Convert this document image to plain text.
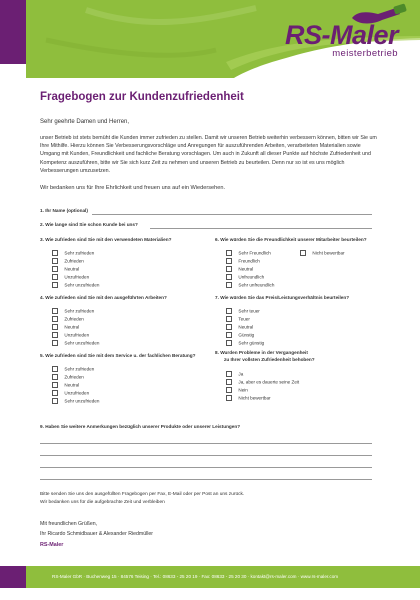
RS-Maler
meisterbetrieb
Fragebogen zur Kundenzufriedenheit
Sehr geehrte Damen und Herren,
unser Betrieb ist stets bemüht die Kunden immer zufrieden zu stellen. Damit wir unseren Betrieb weiterhin verbessern können, bitten wir Sie um Ihre Mithilfe. Hierzu können Sie Verbesserungsvorschläge und Anregungen für auszuführenden Arbeiten, verarbeiteten Materialien sowie Umgang mit Kunden, Freundlichkeit und fachliche Beratung vorschlagen. Um auch in Zukunft all dieser Punkte auf höchste Zufriedenheit und Kompetenz auszuführen, bitte wir Sie sich kurz Zeit zu nehmen und unseren Betrieb zu beurteilen. Denn nur so ist es uns möglich Verbesserungen umzusetzen.
Wir bedanken uns für Ihre Ehrlichkeit und freuen uns auf ein Wiedersehen.
1. Ihr Name (optional)
2. Wie lange sind Sie schon Kunde bei uns?
3. Wie zufrieden sind Sie mit den verwendeten Materialien?
Sehr zufrieden
Zufrieden
Neutral
Unzufrieden
Sehr unzufrieden
6. Wie würden Sie die Freundlichkeit unserer Mitarbeiter beurteilen?
Sehr Freundlich	Nicht bewertbar
Freundlich
Neutral
Unfreundlich
Sehr unfreundlich
4. Wie zufrieden sind Sie mit den ausgeführten Arbeiten?
Sehr zufrieden
Zufrieden
Neutral
Unzufrieden
Sehr unzufrieden
7. Wie würden Sie das Preis/Leistungsverhältnis beurteilen?
Sehr teuer
Teuer
Neutral
Günstig
Sehr günstig
5. Wie zufrieden sind Sie mit dem Service u. der fachlichen Beratung?
Sehr zufrieden
Zufrieden
Neutral
Unzufrieden
Sehr unzufrieden
8. Wurden Probleme in der Vergangenheit
zu Ihrer vollsten Zufriedenheit behoben?
Ja
Ja, aber es dauerte seine Zeit
Nein
Nicht bewertbar
9. Haben Sie weitere Anmerkungen bezüglich unserer Produkte oder unserer Leistungen?
Bitte senden Sie uns den ausgefüllten Fragebogen per Fax, E-Mail oder per Post an uns zurück.
Wir bedanken uns für die aufgebrachte Zeit und verbleiben
Mit freundlichen Grüßen,
Ihr Ricardo Schmidbauer & Alexander Riedmüller
RS-Maler
RS-Maler GbR · Buchenweg 15 · 84576 Teising · Tel.: 08633 - 25 20 19 · Fax: 08633 - 25 20 30 · kontakt@rs-maler.com · www.rs-maler.com
